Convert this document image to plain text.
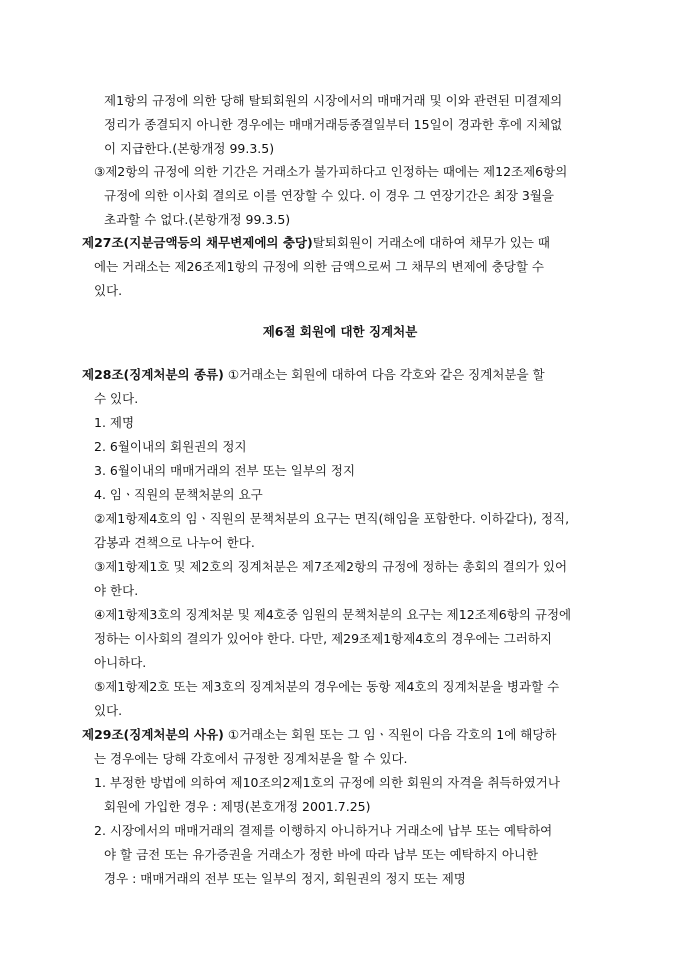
제1항의 규정에 의한 당해 탈퇴회원의 시장에서의 매매거래 및 이와 관련된 미결제의
정리가 종결되지 아니한 경우에는 매매거래등종결일부터 15일이 경과한 후에 지체없
이 지급한다.(본항개정 99.3.5)
③제2항의 규정에 의한 기간은 거래소가 불가피하다고 인정하는 때에는 제12조제6항의
규정에 의한 이사회 결의로 이를 연장할 수 있다. 이 경우 그 연장기간은 최장 3월을
초과할 수 없다.(본항개정 99.3.5)
제27조(지분금액등의 채무변제에의 충당)탈퇴회원이 거래소에 대하여 채무가 있는 때
에는 거래소는 제26조제1항의 규정에 의한 금액으로써 그 채무의 변제에 충당할 수
있다.
제6절 회원에 대한 징계처분
제28조(징계처분의 종류) ①거래소는 회원에 대하여 다음 각호와 같은 징계처분을 할
수 있다.
1. 제명
2. 6월이내의 회원권의 정지
3. 6월이내의 매매거래의 전부 또는 일부의 정지
4. 임ㆍ직원의 문책처분의 요구
②제1항제4호의 임ㆍ직원의 문책처분의 요구는 면직(해임을 포함한다. 이하같다), 정직,
감봉과 견책으로 나누어 한다.
③제1항제1호 및 제2호의 징계처분은 제7조제2항의 규정에 정하는 총회의 결의가 있어
야 한다.
④제1항제3호의 징계처분 및 제4호중 임원의 문책처분의 요구는 제12조제6항의 규정에
정하는 이사회의 결의가 있어야 한다. 다만, 제29조제1항제4호의 경우에는 그러하지
아니하다.
⑤제1항제2호 또는 제3호의 징계처분의 경우에는 동항 제4호의 징계처분을 병과할 수
있다.
제29조(징계처분의 사유) ①거래소는 회원 또는 그 임ㆍ직원이 다음 각호의 1에 해당하
는 경우에는 당해 각호에서 규정한 징계처분을 할 수 있다.
1. 부정한 방법에 의하여 제10조의2제1호의 규정에 의한 회원의 자격을 취득하였거나
회원에 가입한 경우 : 제명(본호개정 2001.7.25)
2. 시장에서의 매매거래의 결제를 이행하지 아니하거나 거래소에 납부 또는 예탁하여
야 할 금전 또는 유가증권을 거래소가 정한 바에 따라 납부 또는 예탁하지 아니한
경우 : 매매거래의 전부 또는 일부의 정지, 회원권의 정지 또는 제명
